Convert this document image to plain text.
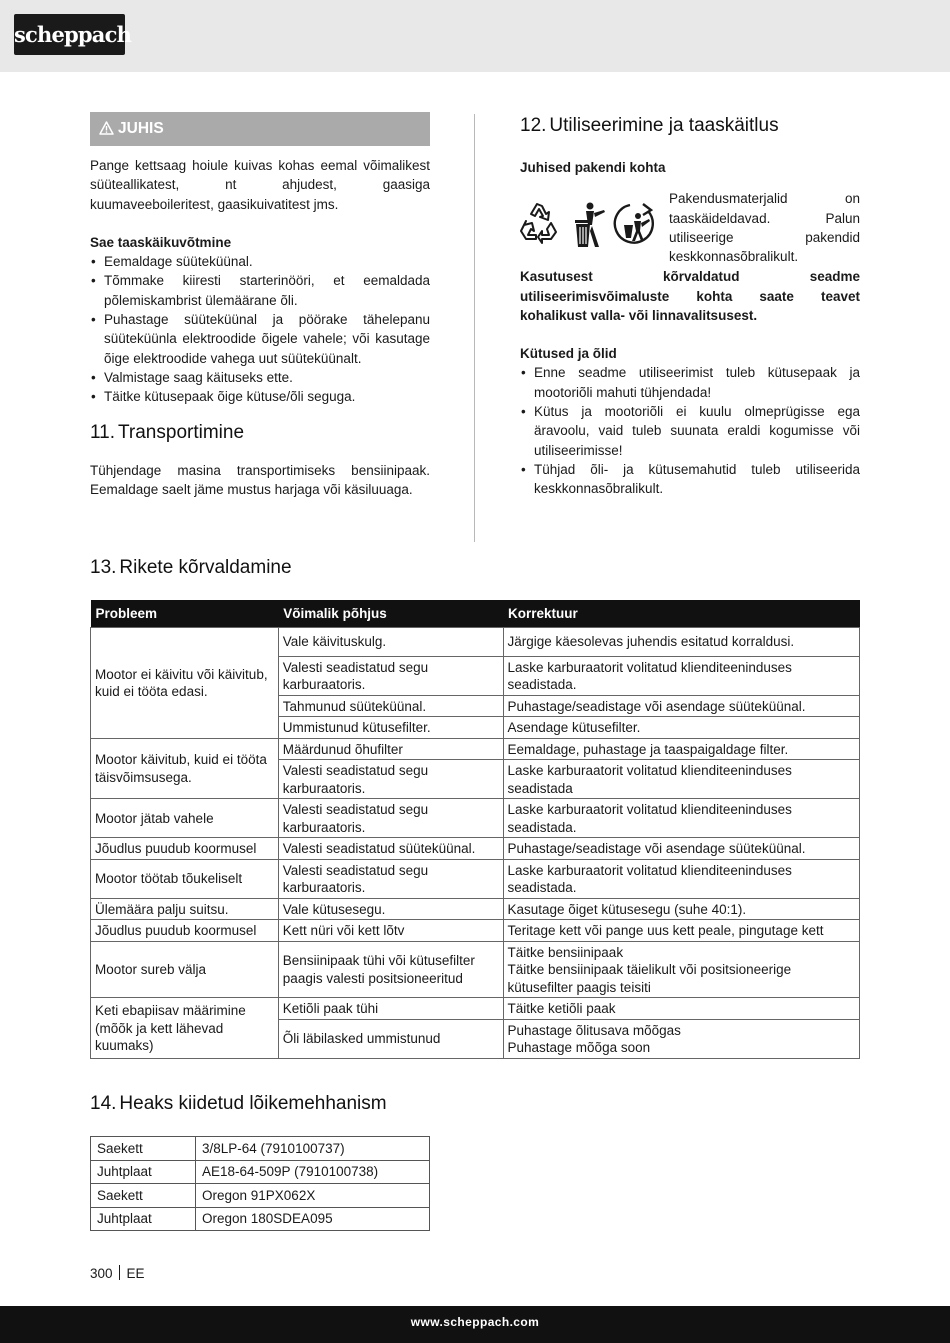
scheppach
JUHIS

Pange kettsaag hoiule kuivas kohas eemal võimalikest süüteallikatest, nt ahjudest, gaasiga kuumaveeboileritest, gaasikuivatitest jms.

Sae taaskäikuvõtmine

• Eemaldage süüteküünal.
• Tõmmake kiiresti starterinööri, et eemaldada põlemiskambrist ülemäärane õli.
• Puhastage süüteküünal ja pöörake tähelepanu süüteküünla elektroodide õigele vahele; või kasutage õige elektroodide vahega uut süüteküünalt.
• Valmistage saag käituseks ette.
• Täitke kütusepaak õige kütuse/õli seguga.
11. Transportimine

Tühjendage masina transportimiseks bensiinipaak. Eemaldage saelt jäme mustus harjaga või käsiluuaga.

12. Utiliseerimine ja taaskäitlus

Juhised pakendi kohta

Pakendusmaterjalid on taaskäideldavad. Palun utiliseerige pakendid keskkonnasõbralikult.

Kasutusest kõrvaldatud seadme utiliseerimisvõimaluste kohta saate teavet kohalikust valla- või linnavalitsusest.

Kütused ja õlid

• Enne seadme utiliseerimist tuleb kütusepaak ja mootoriõli mahuti tühjendada!
• Kütus ja mootoriõli ei kuulu olmeprügisse ega äravoolu, vaid tuleb suunata eraldi kogumisse või utiliseerimisse!
• Tühjad õli- ja kütusemahutid tuleb utiliseerida keskkonnasõbralikult.
13. Rikete kõrvaldamine
Probleem	Võimalik põhjus	Korrektuur
Mootor ei käivitu või käivitub, kuid ei tööta edasi.	Vale käivituskulg.	Järgige käesolevas juhendis esitatud korraldusi.
	Valesti seadistatud segu karburaatoris.	Laske karburaatorit volitatud klienditeeninduses seadistada.
	Tahmunud süüteküünal.	Puhastage/seadistage või asendage süüteküünal.
	Ummistunud kütusefilter.	Asendage kütusefilter.
Mootor käivitub, kuid ei tööta täisvõimsusega.	Määrdunud õhufilter	Eemaldage, puhastage ja taaspaigaldage filter.
	Valesti seadistatud segu karburaatoris.	Laske karburaatorit volitatud klienditeeninduses seadistada
Mootor jätab vahele	Valesti seadistatud segu karburaatoris.	Laske karburaatorit volitatud klienditeeninduses seadistada.
Jõudlus puudub koormusel	Valesti seadistatud süüteküünal.	Puhastage/seadistage või asendage süüteküünal.
Mootor töötab tõukeliselt	Valesti seadistatud segu karburaatoris.	Laske karburaatorit volitatud klienditeeninduses seadistada.
Ülemäära palju suitsu.	Vale kütusesegu.	Kasutage õiget kütusesegu (suhe 40:1).
Jõudlus puudub koormusel	Kett nüri või kett lõtv	Teritage kett või pange uus kett peale, pingutage kett
Mootor sureb välja	Bensiinipaak tühi või kütusefilter paagis valesti positsioneeritud	Täitke bensiinipaak
Täitke bensiinipaak täielikult või positsioneerige kütusefilter paagis teisiti

Keti ebapiisav määrimine (mõõk ja kett lähevad kuumaks)	Ketiõli paak tühi	Täitke ketiõli paak
	Õli läbilasked ummistunud	Puhastage õlitusava mõõgas
Puhastage mõõga soon
14. Heaks kiidetud lõikemehhanism
Saekett	3/8LP-64 (7910100737)
Juhtplaat	AE18-64-509P (7910100738)
Saekett	Oregon 91PX062X
Juhtplaat	Oregon 180SDEA095
300 EE
www.scheppach.com
